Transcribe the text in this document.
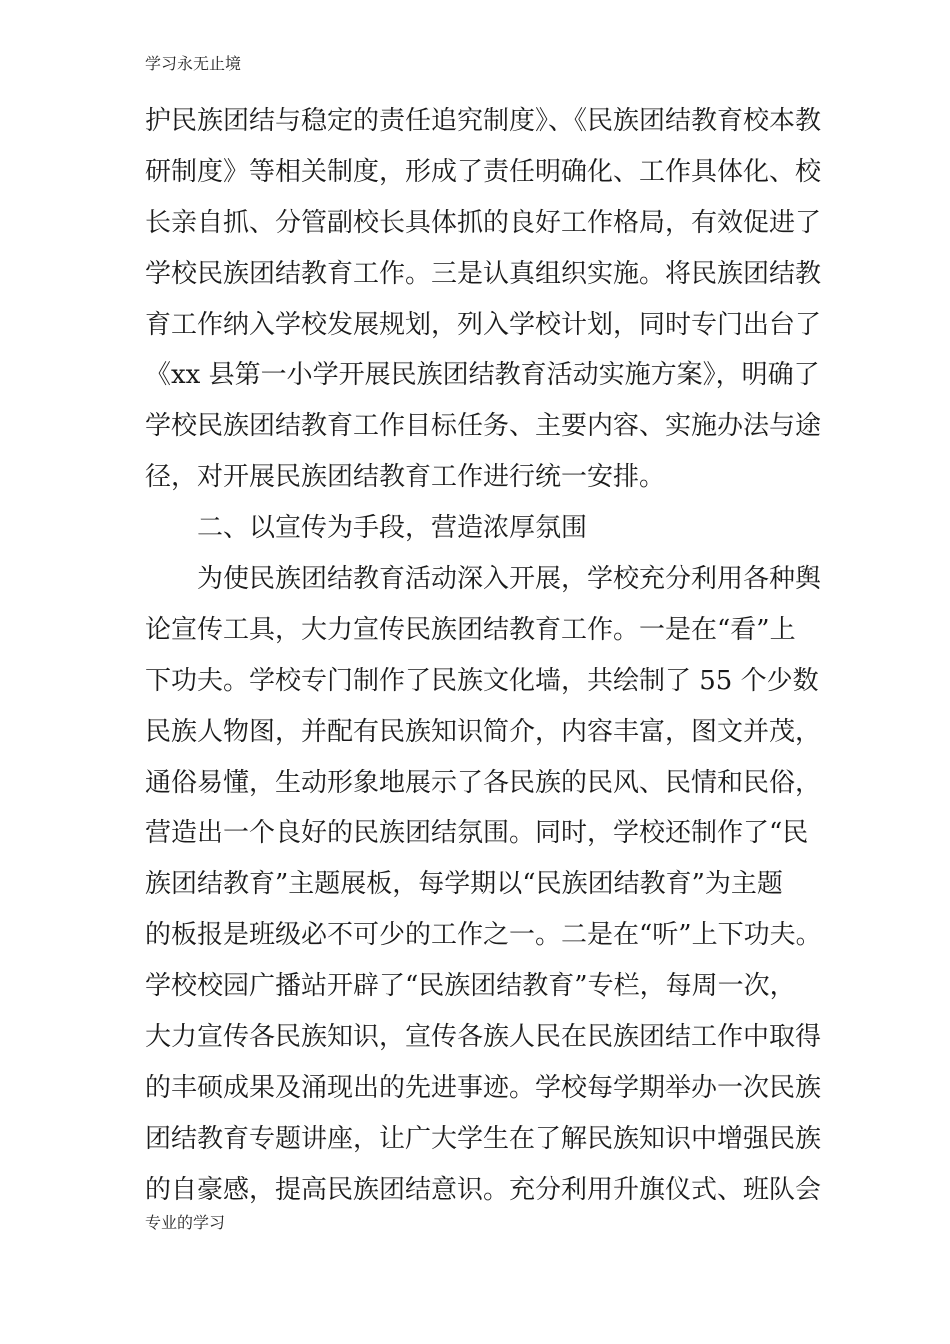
学习永无止境
护民族团结与稳定的责任追究制度》、《民族团结教育校本教
研制度》等相关制度，形成了责任明确化、工作具体化、校
长亲自抓、分管副校长具体抓的良好工作格局，有效促进了
学校民族团结教育工作。三是认真组织实施。将民族团结教
育工作纳入学校发展规划，列入学校计划，同时专门出台了
《xx 县第一小学开展民族团结教育活动实施方案》，明确了
学校民族团结教育工作目标任务、主要内容、实施办法与途
径，对开展民族团结教育工作进行统一安排。
二、以宣传为手段，营造浓厚氛围
为使民族团结教育活动深入开展，学校充分利用各种舆
论宣传工具，大力宣传民族团结教育工作。一是在“看”上
下功夫。学校专门制作了民族文化墙，共绘制了 55 个少数
民族人物图，并配有民族知识简介，内容丰富，图文并茂，
通俗易懂，生动形象地展示了各民族的民风、民情和民俗，
营造出一个良好的民族团结氛围。同时，学校还制作了“民
族团结教育”主题展板，每学期以“民族团结教育”为主题
的板报是班级必不可少的工作之一。二是在“听”上下功夫。
学校校园广播站开辟了“民族团结教育”专栏，每周一次，
大力宣传各民族知识，宣传各族人民在民族团结工作中取得
的丰硕成果及涌现出的先进事迹。学校每学期举办一次民族
团结教育专题讲座，让广大学生在了解民族知识中增强民族
的自豪感，提高民族团结意识。充分利用升旗仪式、班队会
专业的学习
